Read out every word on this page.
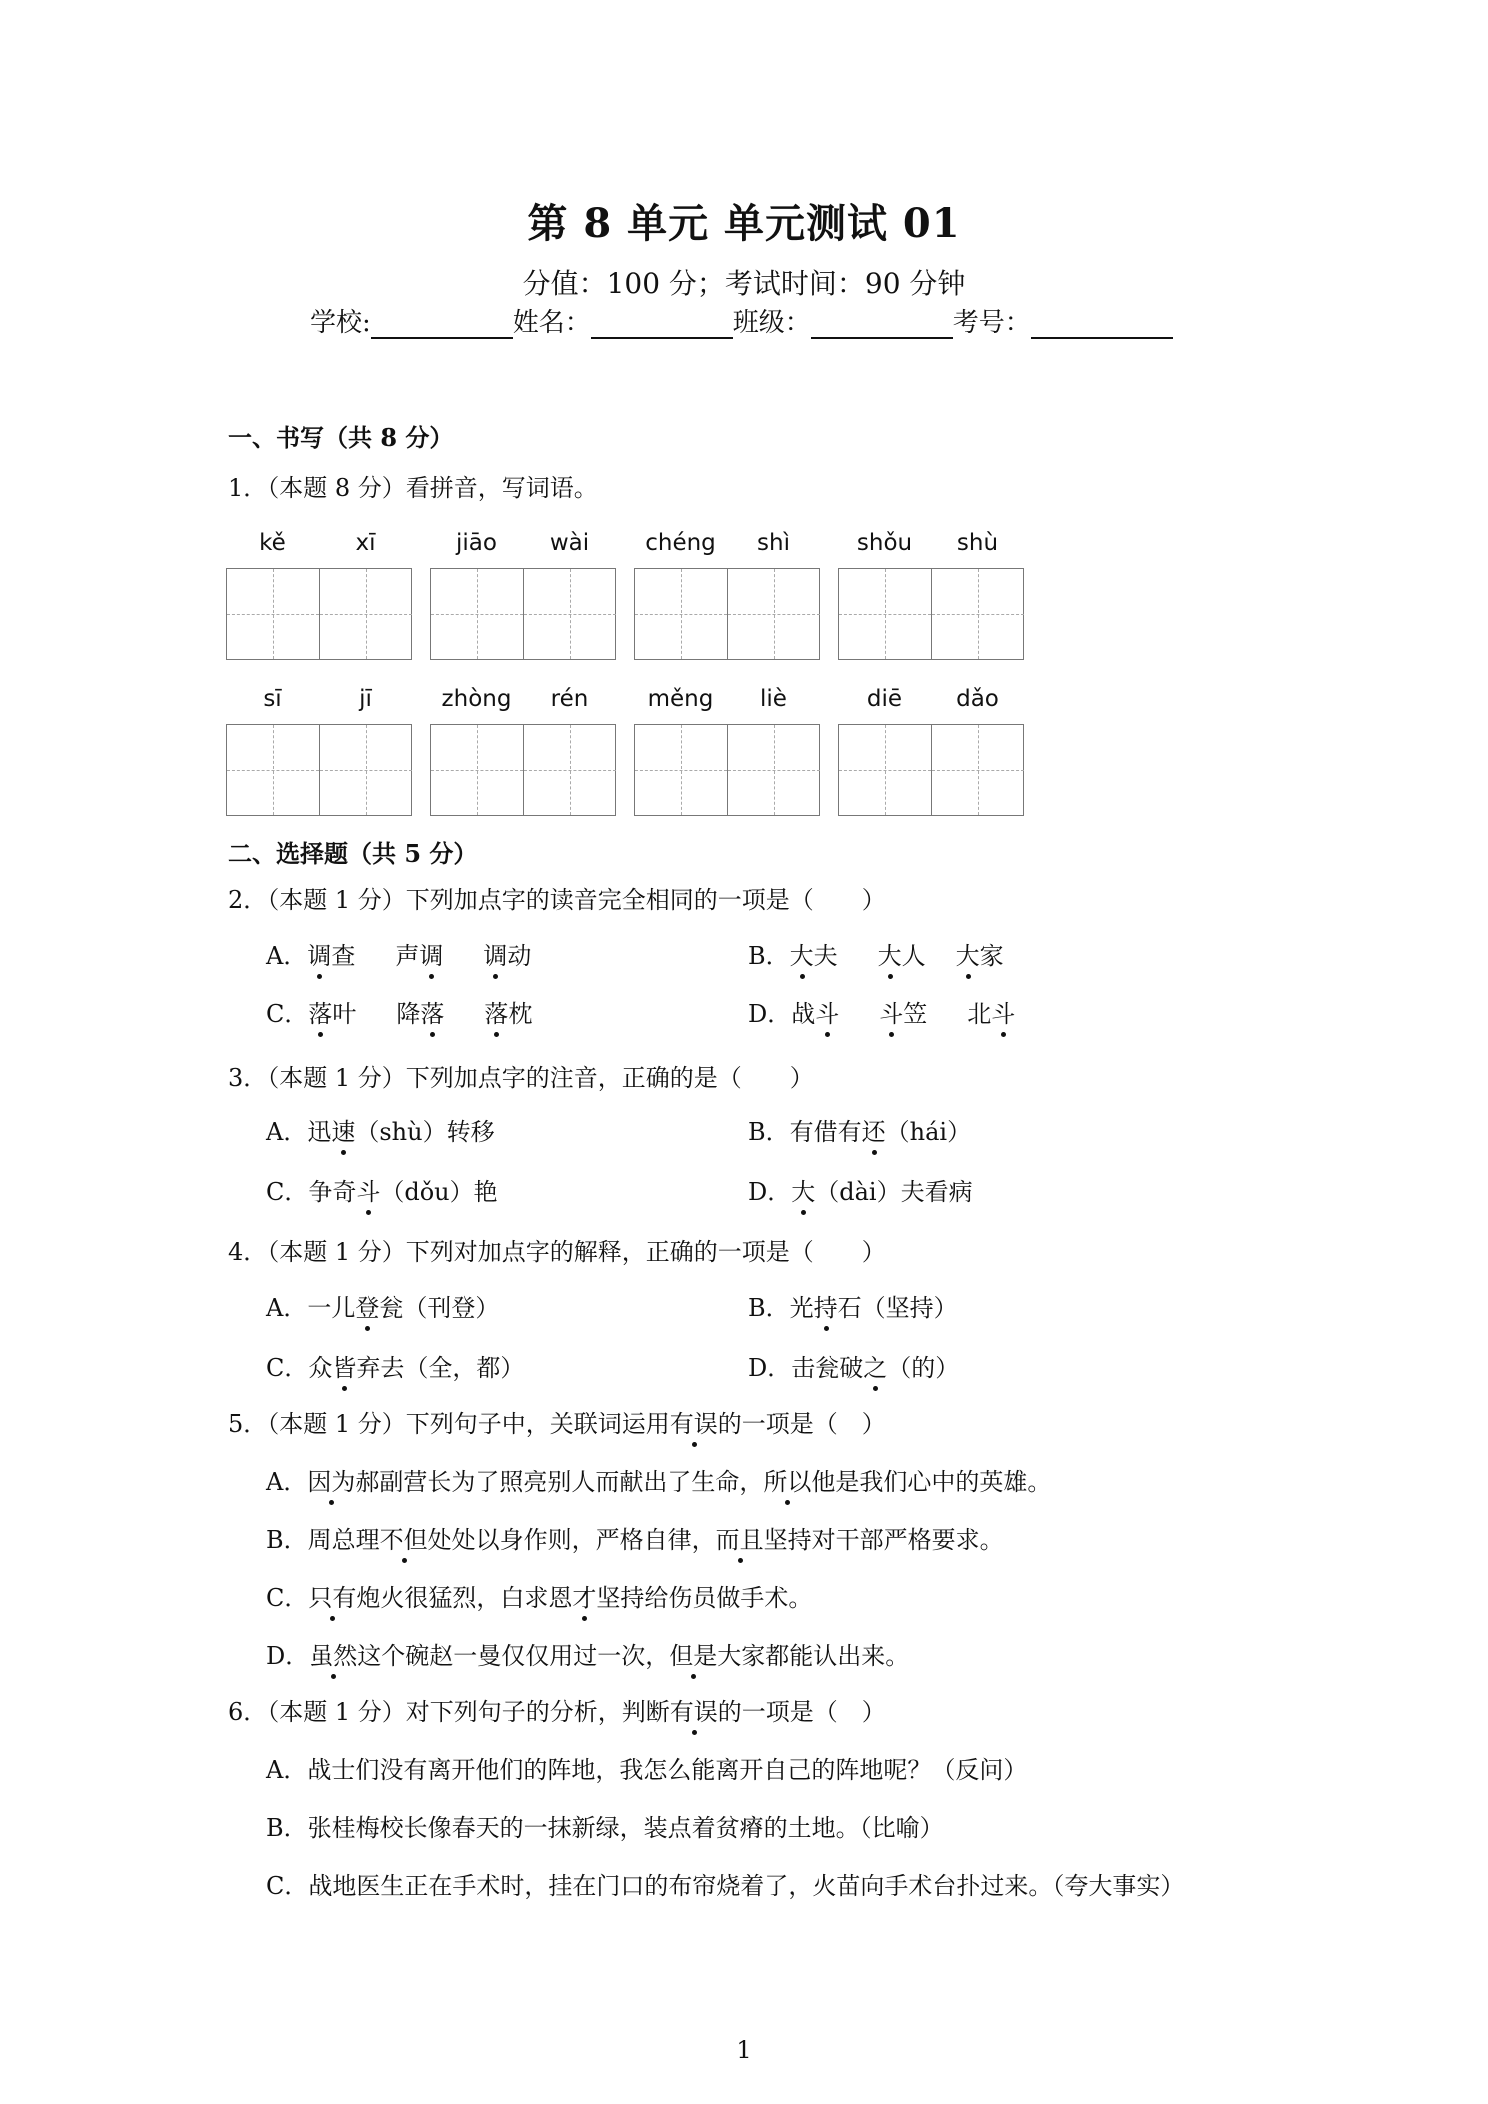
第 8 单元 单元测试 01
分值：100 分；考试时间：90 分钟
学校:	姓名：	班级：	考号：
一、书写（共 8 分）
1．（本题 8 分）看拼音，写词语。
kě	xī	jiāo	wài	chéng	shì	shǒu	shù
sī	jī	zhòng	rén	měng	liè	diē	dǎo
二、选择题（共 5 分）
2．（本题 1 分）下列加点字的读音完全相同的一项是（　　）
A．调查 声调 调动	B．大夫 大人 大家
C．落叶 降落 落枕	D．战斗 斗笠 北斗
3．（本题 1 分）下列加点字的注音，正确的是（　　）
A．迅速（shù）转移	B．有借有还（hái）
C．争奇斗（dǒu）艳	D．大（dài）夫看病
4．（本题 1 分）下列对加点字的解释，正确的一项是（　　）
A．一儿登瓮（刊登）	B．光持石（坚持）
C．众皆弃去（全，都）	D．击瓮破之（的）
5．（本题 1 分）下列句子中，关联词运用有误的一项是（　）
A．因为郝副营长为了照亮别人而献出了生命，所以他是我们心中的英雄。
B．周总理不但处处以身作则，严格自律，而且坚持对干部严格要求。
C．只有炮火很猛烈，白求恩才坚持给伤员做手术。
D．虽然这个碗赵一曼仅仅用过一次，但是大家都能认出来。
6．（本题 1 分）对下列句子的分析，判断有误的一项是（　）
A．战士们没有离开他们的阵地，我怎么能离开自己的阵地呢？（反问）
B．张桂梅校长像春天的一抹新绿，装点着贫瘠的土地。（比喻）
C．战地医生正在手术时，挂在门口的布帘烧着了，火苗向手术台扑过来。（夸大事实）
1
